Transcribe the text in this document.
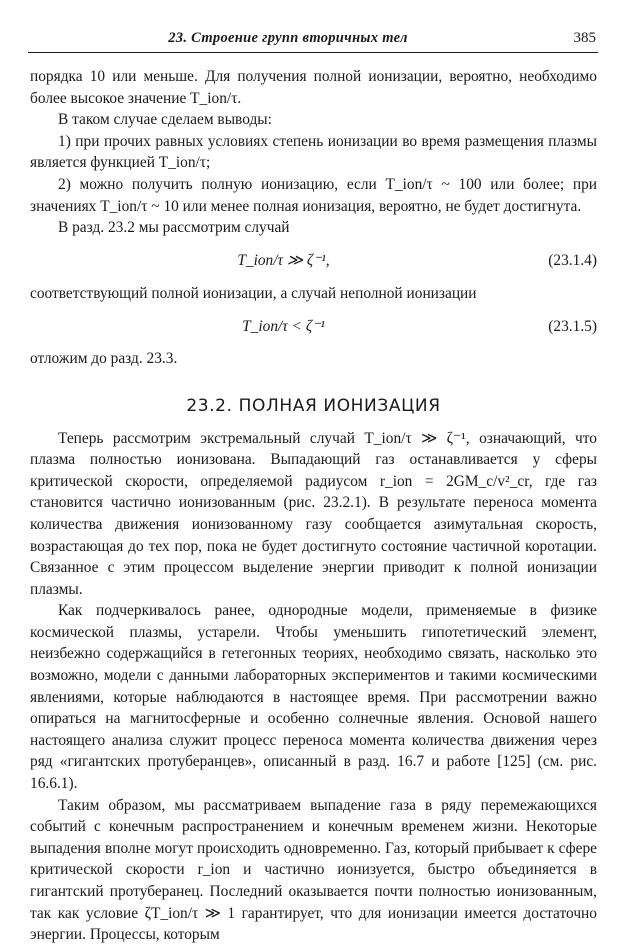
23. Строение групп вторичных тел	385

порядка 10 или меньше. Для получения полной ионизации, вероятно, необходимо более высокое значение T_ion/τ.

В таком случае сделаем выводы:

1) при прочих равных условиях степень ионизации во время размещения плазмы является функцией T_ion/τ;

2) можно получить полную ионизацию, если T_ion/τ ~ 100 или более; при значениях T_ion/τ ~ 10 или менее полная ионизация, вероятно, не будет достигнута.

В разд. 23.2 мы рассмотрим случай

T_ion/τ ≫ ζ⁻¹,	(23.1.4)

соответствующий полной ионизации, а случай неполной ионизации

T_ion/τ < ζ⁻¹	(23.1.5)

отложим до разд. 23.3.

23.2. ПОЛНАЯ ИОНИЗАЦИЯ

Теперь рассмотрим экстремальный случай T_ion/τ ≫ ζ⁻¹, означающий, что плазма полностью ионизована. Выпадающий газ останавливается у сферы критической скорости, определяемой радиусом r_ion = 2GM_c/v²_cr, где газ становится частично ионизованным (рис. 23.2.1). В результате переноса момента количества движения ионизованному газу сообщается азимутальная скорость, возрастающая до тех пор, пока не будет достигнуто состояние частичной коротации. Связанное с этим процессом выделение энергии приводит к полной ионизации плазмы.

Как подчеркивалось ранее, однородные модели, применяемые в физике космической плазмы, устарели. Чтобы уменьшить гипотетический элемент, неизбежно содержащийся в гетегонных теориях, необходимо связать, насколько это возможно, модели с данными лабораторных экспериментов и такими космическими явлениями, которые наблюдаются в настоящее время. При рассмотрении важно опираться на магнитосферные и особенно солнечные явления. Основой нашего настоящего анализа служит процесс переноса момента количества движения через ряд «гигантских протуберанцев», описанный в разд. 16.7 и работе [125] (см. рис. 16.6.1).

Таким образом, мы рассматриваем выпадение газа в ряду перемежающихся событий с конечным распространением и конечным временем жизни. Некоторые выпадения вполне могут происходить одновременно. Газ, который прибывает к сфере критической скорости r_ion и частично ионизуется, быстро объединяется в гигантский протуберанец. Последний оказывается почти полностью ионизованным, так как условие ζT_ion/τ ≫ 1 гарантирует, что для ионизации имеется достаточно энергии. Процессы, которым
